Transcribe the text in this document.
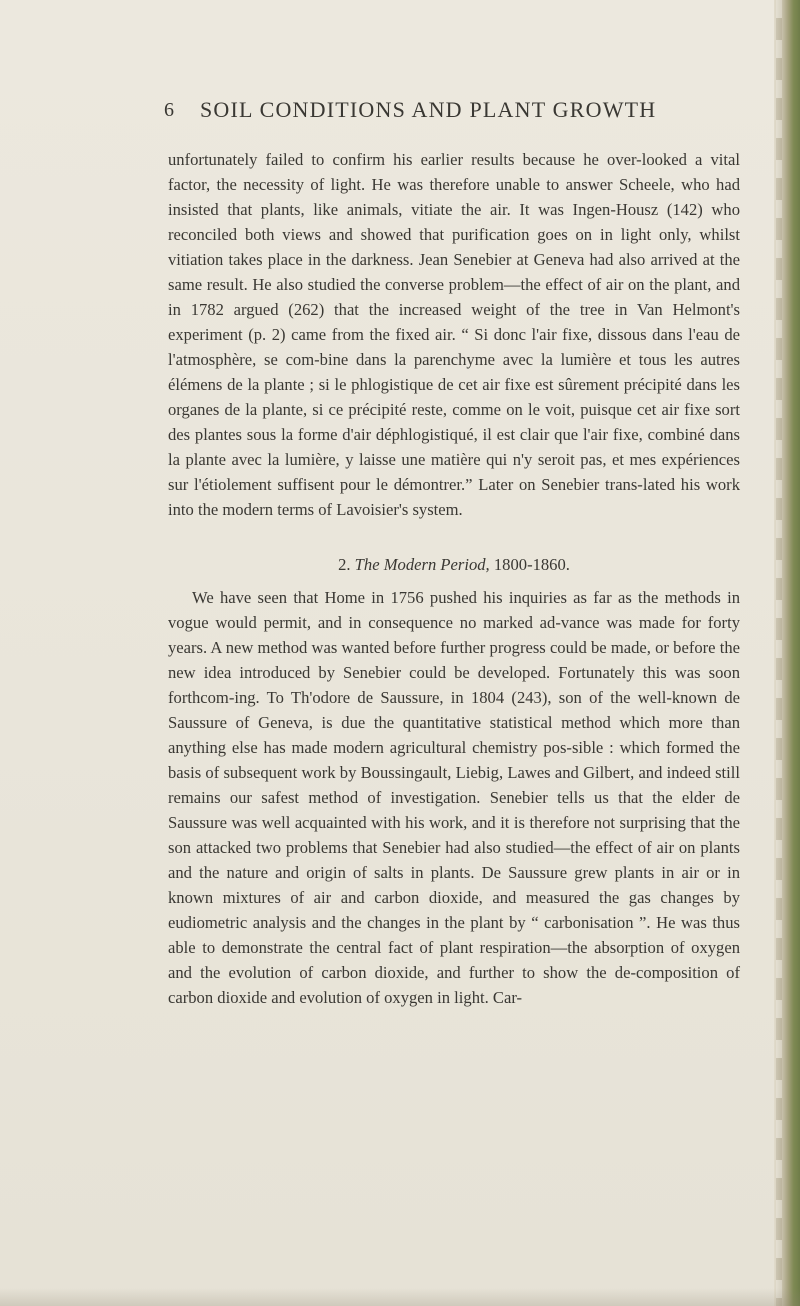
6 SOIL CONDITIONS AND PLANT GROWTH

unfortunately failed to confirm his earlier results because he over-looked a vital factor, the necessity of light. He was therefore unable to answer Scheele, who had insisted that plants, like animals, vitiate the air. It was Ingen-Housz (142) who reconciled both views and showed that purification goes on in light only, whilst vitiation takes place in the darkness. Jean Senebier at Geneva had also arrived at the same result. He also studied the converse problem—the effect of air on the plant, and in 1782 argued (262) that the increased weight of the tree in Van Helmont's experiment (p. 2) came from the fixed air. “ Si donc l'air fixe, dissous dans l'eau de l'atmosphère, se com-bine dans la parenchyme avec la lumière et tous les autres élémens de la plante ; si le phlogistique de cet air fixe est sûrement précipité dans les organes de la plante, si ce précipité reste, comme on le voit, puisque cet air fixe sort des plantes sous la forme d'air déphlogistiqué, il est clair que l'air fixe, combiné dans la plante avec la lumière, y laisse une matière qui n'y seroit pas, et mes expériences sur l'étiolement suffisent pour le démontrer.” Later on Senebier trans-lated his work into the modern terms of Lavoisier's system.

2. The Modern Period, 1800-1860.

We have seen that Home in 1756 pushed his inquiries as far as the methods in vogue would permit, and in consequence no marked ad-vance was made for forty years. A new method was wanted before further progress could be made, or before the new idea introduced by Senebier could be developed. Fortunately this was soon forthcom-ing. To Th'odore de Saussure, in 1804 (243), son of the well-known de Saussure of Geneva, is due the quantitative statistical method which more than anything else has made modern agricultural chemistry pos-sible : which formed the basis of subsequent work by Boussingault, Liebig, Lawes and Gilbert, and indeed still remains our safest method of investigation. Senebier tells us that the elder de Saussure was well acquainted with his work, and it is therefore not surprising that the son attacked two problems that Senebier had also studied—the effect of air on plants and the nature and origin of salts in plants. De Saussure grew plants in air or in known mixtures of air and carbon dioxide, and measured the gas changes by eudiometric analysis and the changes in the plant by “ carbonisation ”. He was thus able to demonstrate the central fact of plant respiration—the absorption of oxygen and the evolution of carbon dioxide, and further to show the de-composition of carbon dioxide and evolution of oxygen in light. Car-
